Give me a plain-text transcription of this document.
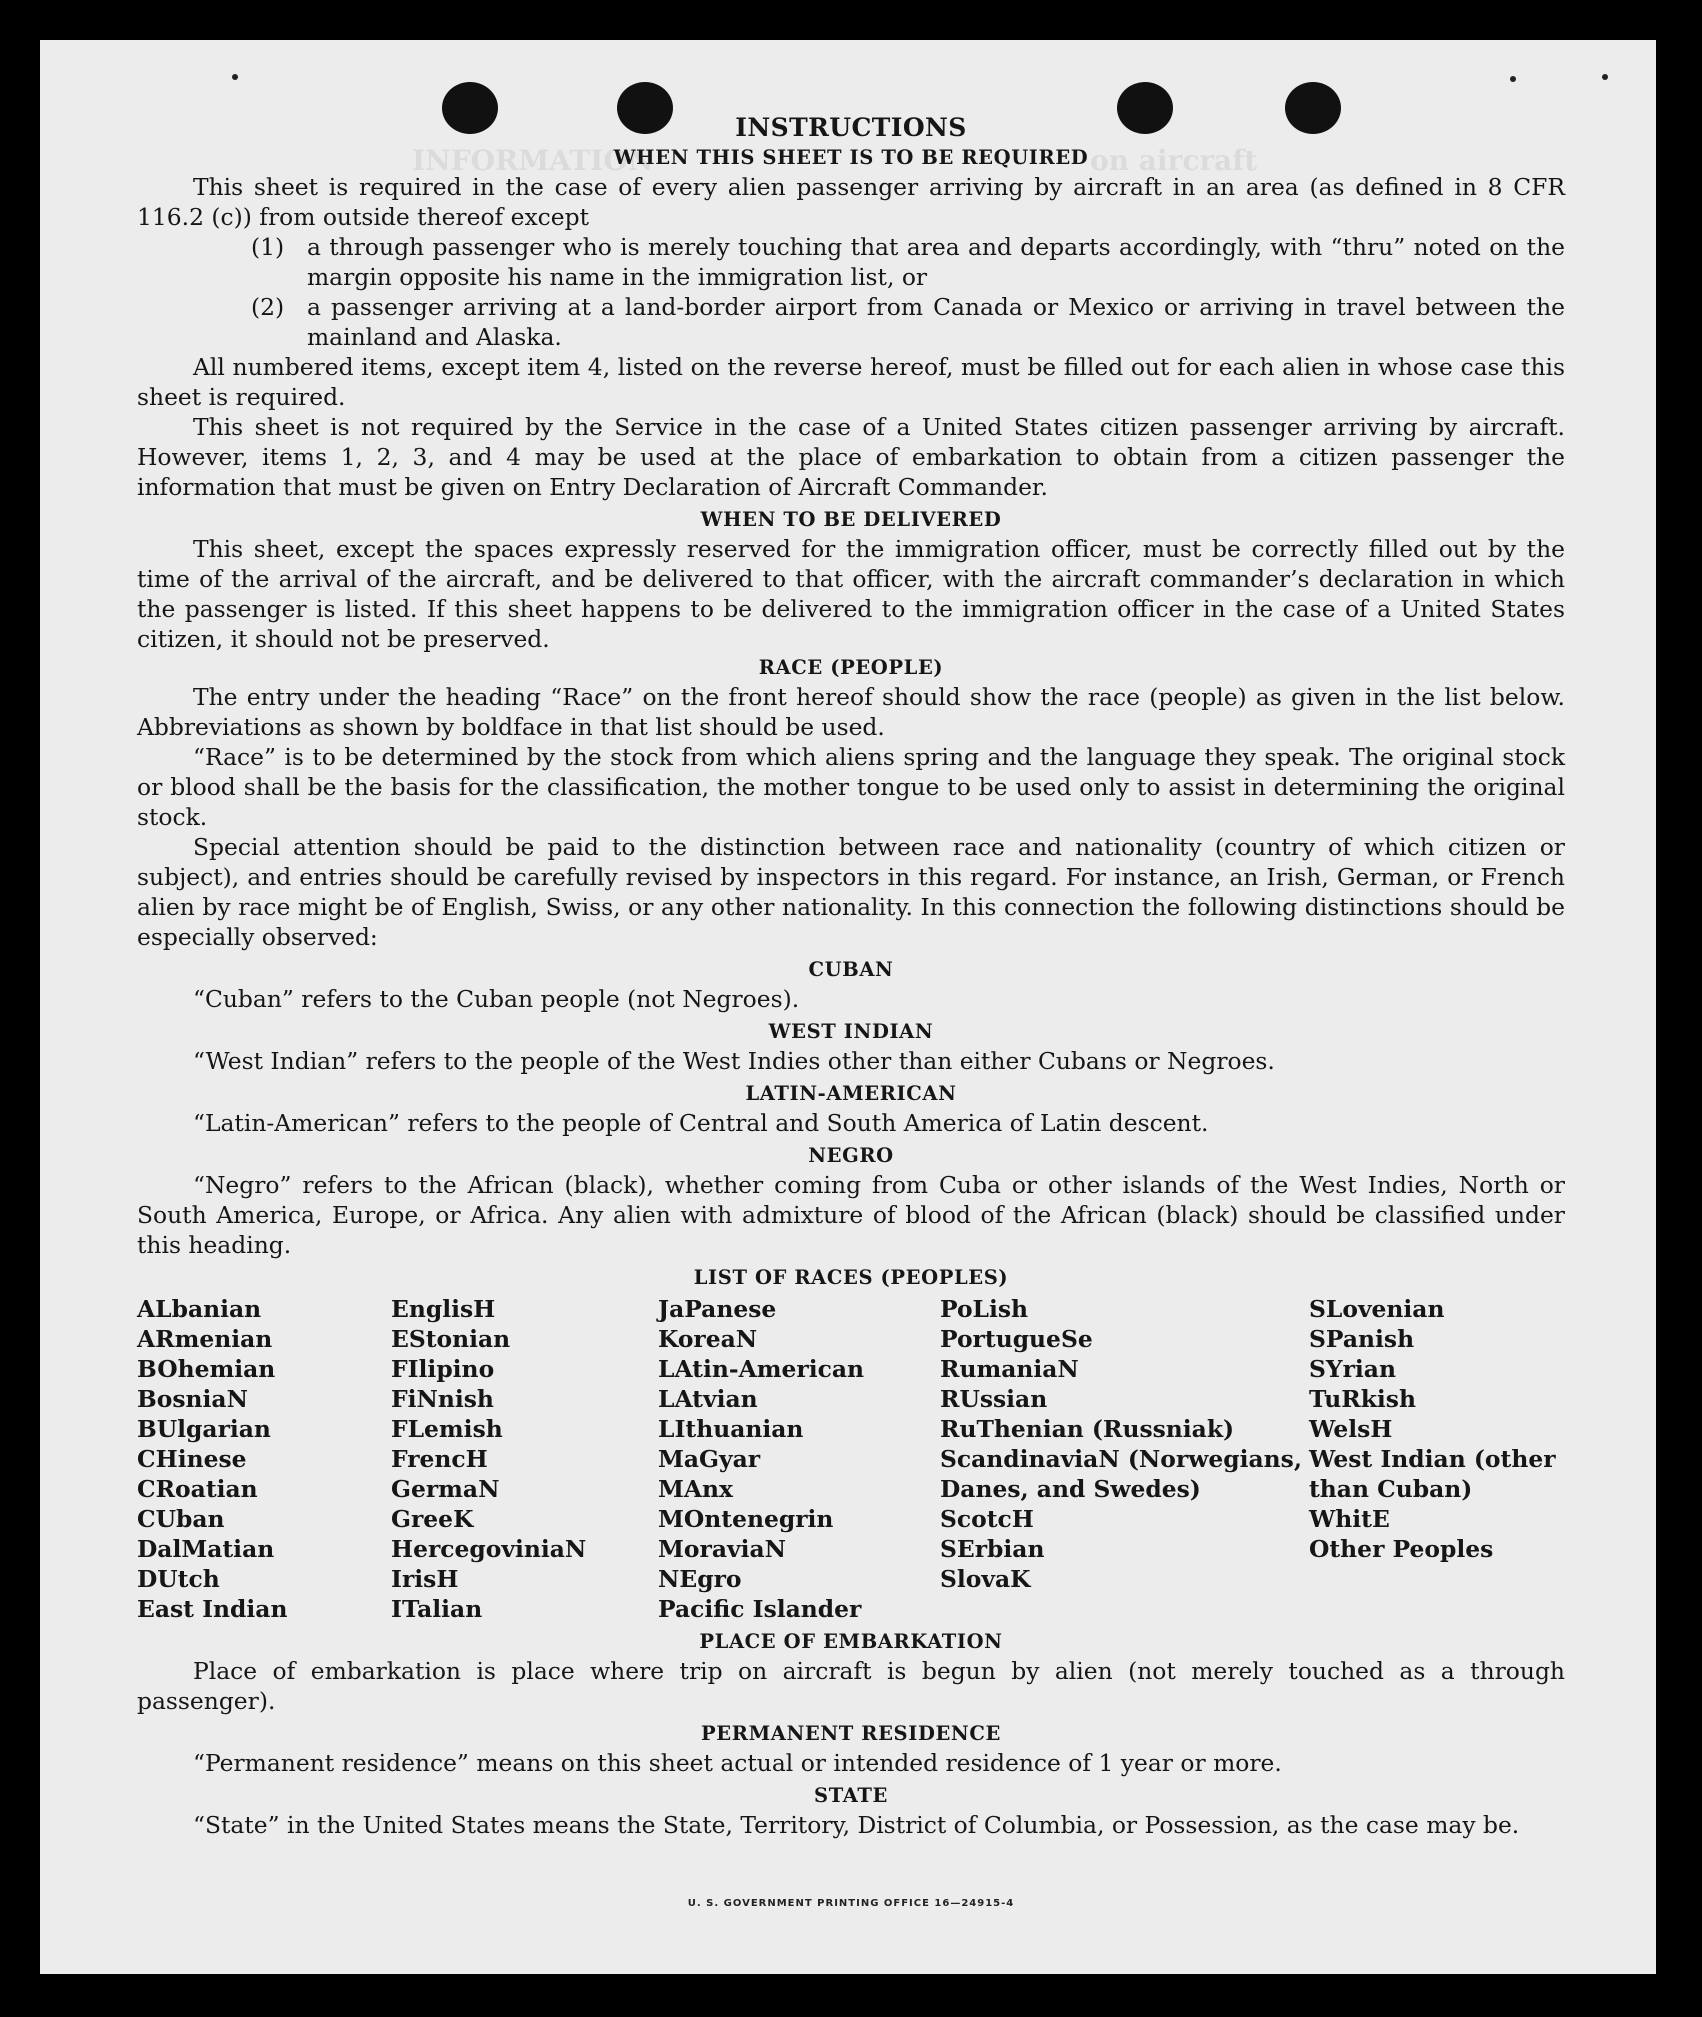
INFORMATION	on aircraft
INSTRUCTIONS
WHEN THIS SHEET IS TO BE REQUIRED

This sheet is required in the case of every alien passenger arriving by aircraft in an area (as defined in 8 CFR 116.2 (c)) from outside thereof except

(1) a through passenger who is merely touching that area and departs accordingly, with “thru” noted on the margin opposite his name in the immigration list, or
(2) a passenger arriving at a land-border airport from Canada or Mexico or arriving in travel between the mainland and Alaska.

All numbered items, except item 4, listed on the reverse hereof, must be filled out for each alien in whose case this sheet is required.

This sheet is not required by the Service in the case of a United States citizen passenger arriving by aircraft. However, items 1, 2, 3, and 4 may be used at the place of embarkation to obtain from a citizen passenger the information that must be given on Entry Declaration of Aircraft Commander.

WHEN TO BE DELIVERED

This sheet, except the spaces expressly reserved for the immigration officer, must be correctly filled out by the time of the arrival of the aircraft, and be delivered to that officer, with the aircraft commander’s declaration in which the passenger is listed. If this sheet happens to be delivered to the immigration officer in the case of a United States citizen, it should not be preserved.

RACE (PEOPLE)

The entry under the heading “Race” on the front hereof should show the race (people) as given in the list below. Abbreviations as shown by boldface in that list should be used.

“Race” is to be determined by the stock from which aliens spring and the language they speak. The original stock or blood shall be the basis for the classification, the mother tongue to be used only to assist in determining the original stock.

Special attention should be paid to the distinction between race and nationality (country of which citizen or subject), and entries should be carefully revised by inspectors in this regard. For instance, an Irish, German, or French alien by race might be of English, Swiss, or any other nationality. In this connection the following distinctions should be especially observed:

CUBAN

“Cuban” refers to the Cuban people (not Negroes).

WEST INDIAN

“West Indian” refers to the people of the West Indies other than either Cubans or Negroes.

LATIN-AMERICAN

“Latin-American” refers to the people of Central and South America of Latin descent.

NEGRO

“Negro” refers to the African (black), whether coming from Cuba or other islands of the West Indies, North or South America, Europe, or Africa. Any alien with admixture of blood of the African (black) should be classified under this heading.

LIST OF RACES (PEOPLES)
ALbanian
ARmenian
BOhemian
BosniaN
BUlgarian
CHinese
CRoatian
CUban
DalMatian
DUtch
East Indian
EnglisH
EStonian
FIlipino
FiNnish
FLemish
FrencH
GermaN
GreeK
HercegoviniaN
IrisH
ITalian
JaPanese
KoreaN
LAtin-American
LAtvian
LIthuanian
MaGyar
MAnx
MOntenegrin
MoraviaN
NEgro
Pacific Islander
PoLish
PortugueSe
RumaniaN
RUssian
RuThenian (Russniak)
ScandinaviaN (Norwegians, Danes, and Swedes)
ScotcH
SErbian
SlovaK
SLovenian
SPanish
SYrian
TuRkish
WelsH
West Indian (other than Cuban)
WhitE
Other Peoples
PLACE OF EMBARKATION

Place of embarkation is place where trip on aircraft is begun by alien (not merely touched as a through passenger).

PERMANENT RESIDENCE

“Permanent residence” means on this sheet actual or intended residence of 1 year or more.

STATE

“State” in the United States means the State, Territory, District of Columbia, or Possession, as the case may be.

U. S. GOVERNMENT PRINTING OFFICE 16—24915-4
